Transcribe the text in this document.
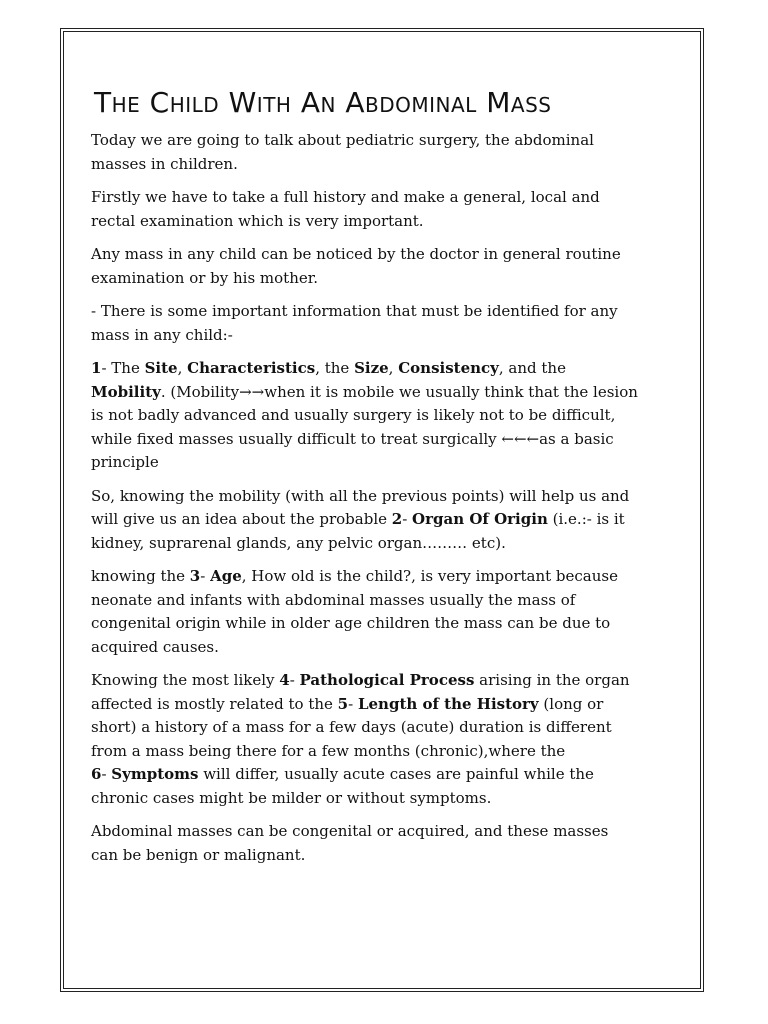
The Child With An Abdominal Mass

Today we are going to talk about pediatric surgery, the abdominal masses in children.

Firstly we have to take a full history and make a general, local and rectal examination which is very important.

Any mass in any child can be noticed by the doctor in general routine examination or by his mother.

- There is some important information that must be identified for any mass in any child:-

1- The Site, Characteristics, the Size, Consistency, and the Mobility. (Mobility→→when it is mobile we usually think that the lesion is not badly advanced and usually surgery is likely not to be difficult, while fixed masses usually difficult to treat surgically ←←←as a basic principle

So, knowing the mobility (with all the previous points) will help us and will give us an idea about the probable 2- Organ Of Origin (i.e.:- is it kidney, suprarenal glands, any pelvic organ……… etc).

knowing the 3- Age, How old is the child?, is very important because neonate and infants with abdominal masses usually the mass of congenital origin while in older age children the mass can be due to acquired causes.

Knowing the most likely 4- Pathological Process arising in the organ affected is mostly related to the 5- Length of the History (long or short) a history of a mass for a few days (acute) duration is different from a mass being there for a few months (chronic),where the
6- Symptoms will differ, usually acute cases are painful while the chronic cases might be milder or without symptoms.

Abdominal masses can be congenital or acquired, and these masses can be benign or malignant.
